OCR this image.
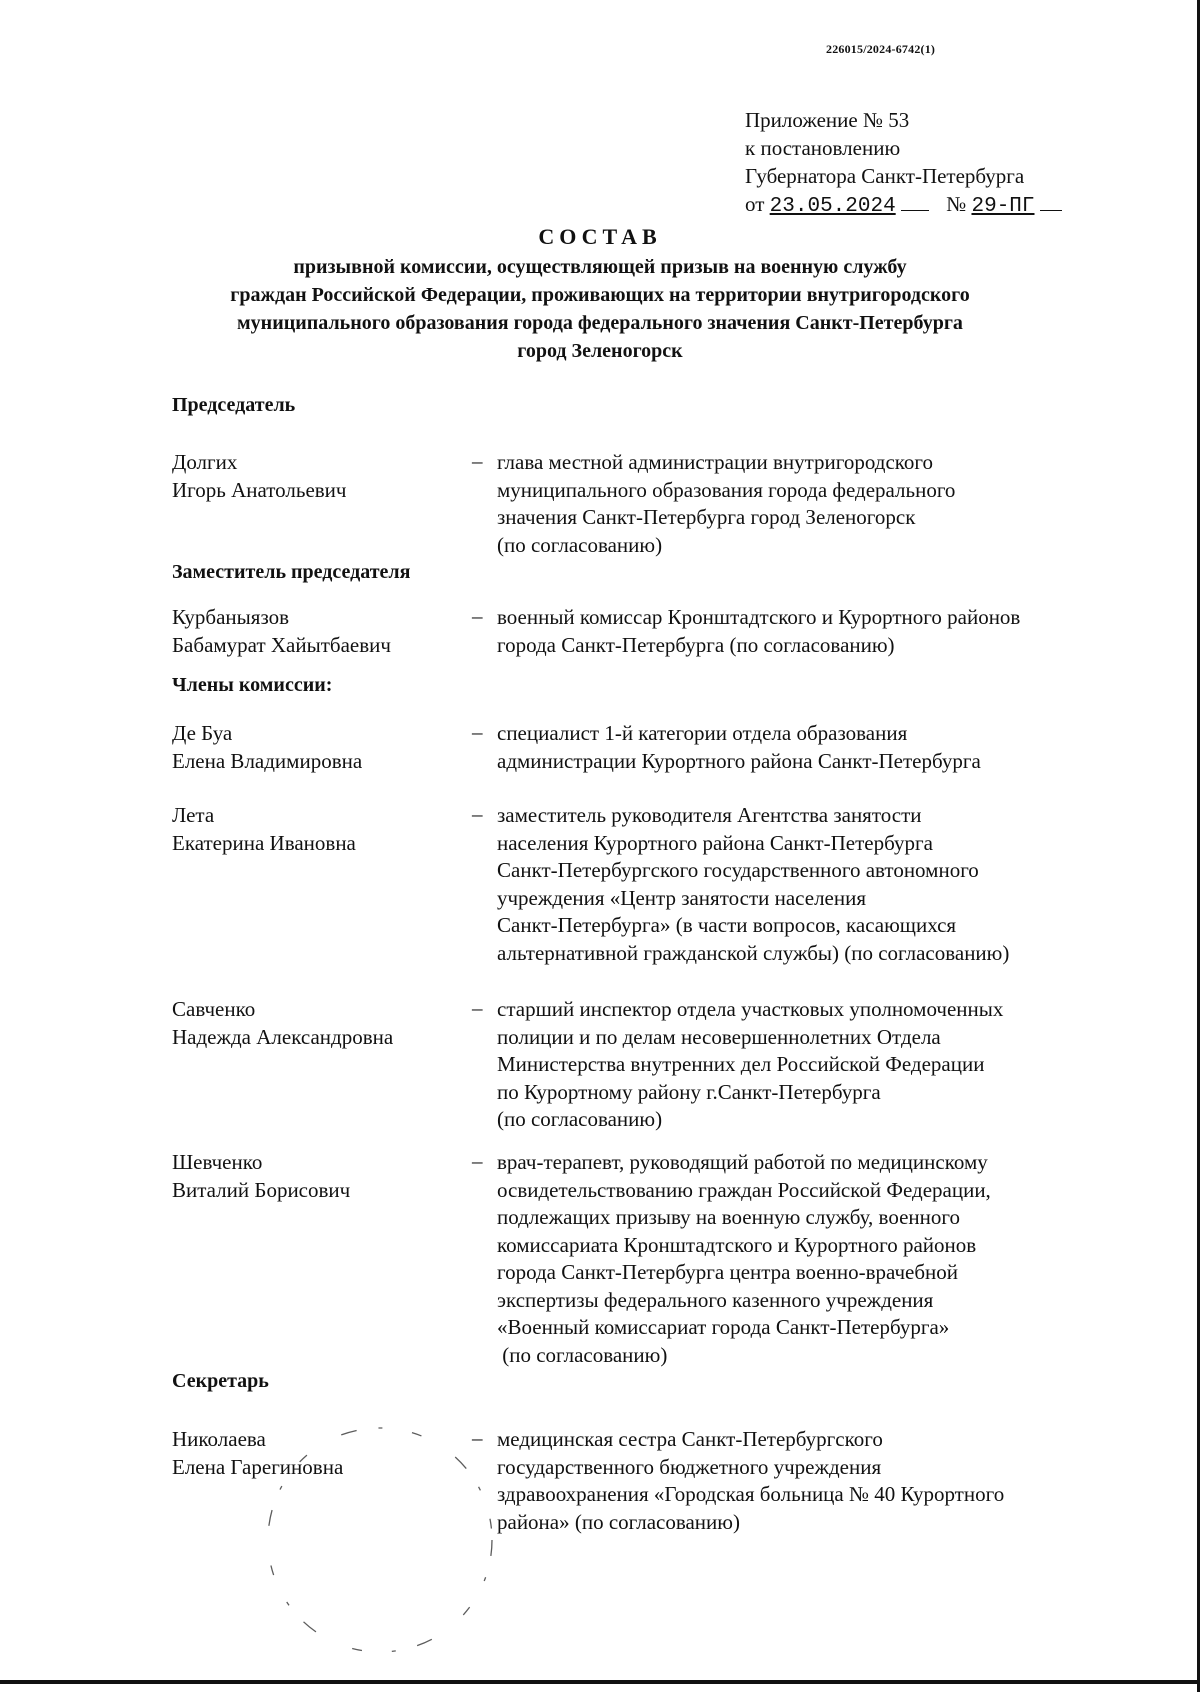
226015/2024-6742(1)
Приложение № 53
к постановлению
Губернатора Санкт-Петербурга
от 23.05.2024 № 29-ПГ
СОСТАВ
призывной комиссии, осуществляющей призыв на военную службу
граждан Российской Федерации, проживающих на территории внутригородского
муниципального образования города федерального значения Санкт-Петербурга
город Зеленогорск
Председатель
Долгих
Игорь Анатольевич
– глава местной администрации внутригородского
муниципального образования города федерального
значения Санкт-Петербурга город Зеленогорск
(по согласованию)
Заместитель председателя
Курбаныязов
Бабамурат Хайытбаевич
– военный комиссар Кронштадтского и Курортного районов
города Санкт-Петербурга (по согласованию)
Члены комиссии:
Де Буа
Елена Владимировна
– специалист 1-й категории отдела образования
администрации Курортного района Санкт-Петербурга
Лета
Екатерина Ивановна
– заместитель руководителя Агентства занятости
населения Курортного района Санкт-Петербурга
Санкт-Петербургского государственного автономного
учреждения «Центр занятости населения
Санкт-Петербурга» (в части вопросов, касающихся
альтернативной гражданской службы) (по согласованию)
Савченко
Надежда Александровна
– старший инспектор отдела участковых уполномоченных
полиции и по делам несовершеннолетних Отдела
Министерства внутренних дел Российской Федерации
по Курортному району г.Санкт-Петербурга
(по согласованию)
Шевченко
Виталий Борисович
– врач-терапевт, руководящий работой по медицинскому
освидетельствованию граждан Российской Федерации,
подлежащих призыву на военную службу, военного
комиссариата Кронштадтского и Курортного районов
города Санкт-Петербурга центра военно-врачебной
экспертизы федерального казенного учреждения
«Военный комиссариат города Санкт-Петербурга»
(по согласованию)
Секретарь
Николаева
Елена Гарегиновна
– медицинская сестра Санкт-Петербургского
государственного бюджетного учреждения
здравоохранения «Городская больница № 40 Курортного
района» (по согласованию)
